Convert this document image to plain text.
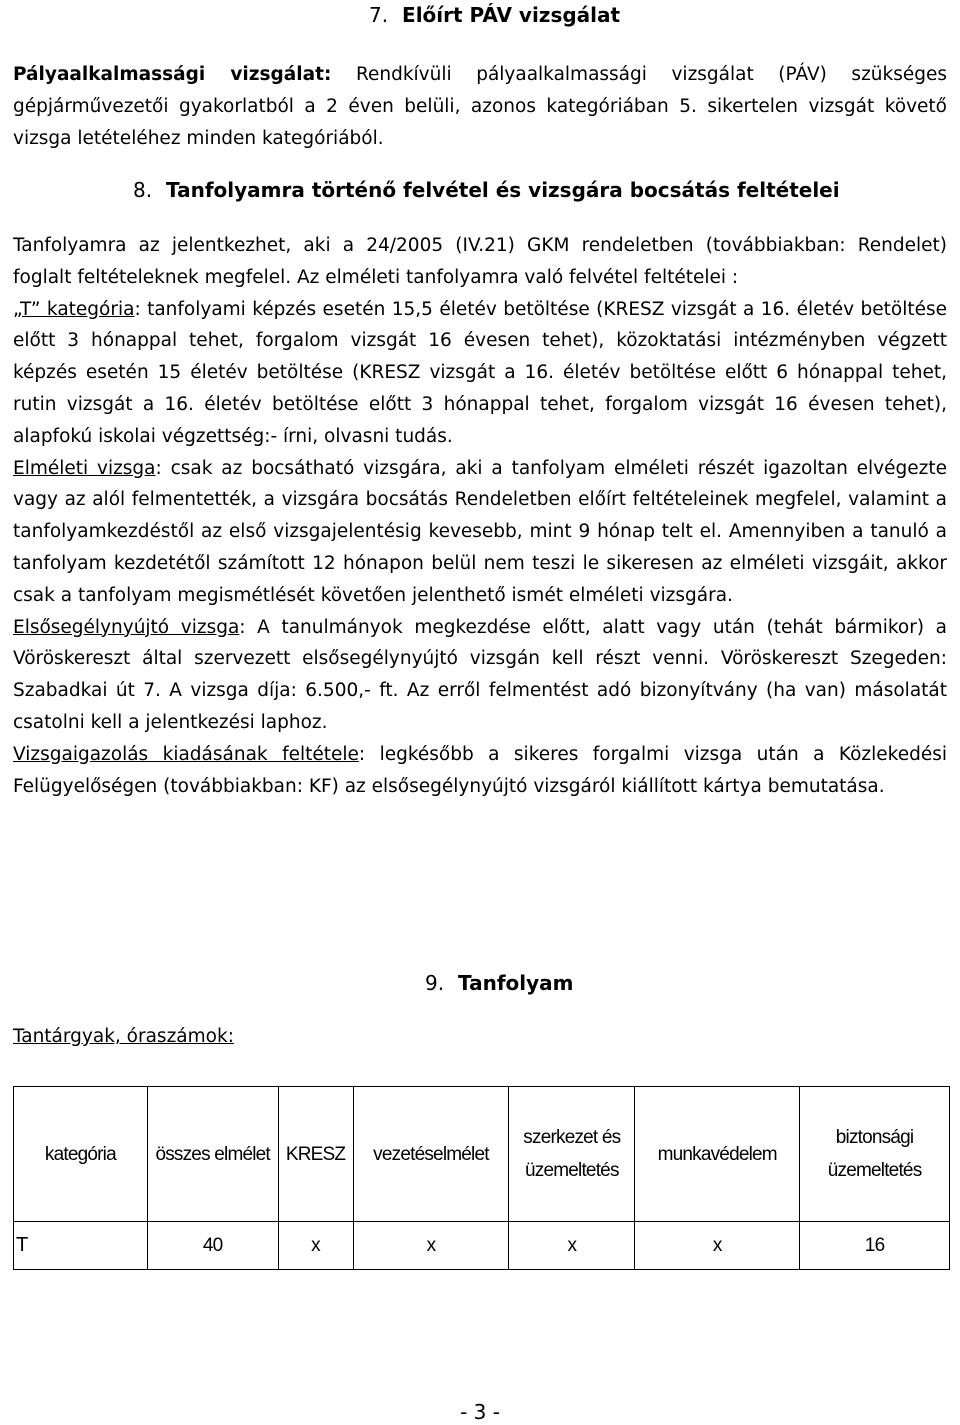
7. Előírt PÁV vizsgálat

Pályaalkalmassági vizsgálat: Rendkívüli pályaalkalmassági vizsgálat (PÁV) szükséges gépjárművezetői gyakorlatból a 2 éven belüli, azonos kategóriában 5. sikertelen vizsgát követő vizsga letételéhez minden kategóriából.

8. Tanfolyamra történő felvétel és vizsgára bocsátás feltételei

Tanfolyamra az jelentkezhet, aki a 24/2005 (IV.21) GKM rendeletben (továbbiakban: Rendelet) foglalt feltételeknek megfelel. Az elméleti tanfolyamra való felvétel feltételei :

„T” kategória: tanfolyami képzés esetén 15,5 életév betöltése (KRESZ vizsgát a 16. életév betöltése előtt 3 hónappal tehet, forgalom vizsgát 16 évesen tehet), közoktatási intézményben végzett képzés esetén 15 életév betöltése (KRESZ vizsgát a 16. életév betöltése előtt 6 hónappal tehet, rutin vizsgát a 16. életév betöltése előtt 3 hónappal tehet, forgalom vizsgát 16 évesen tehet), alapfokú iskolai végzettség:- írni, olvasni tudás.

Elméleti vizsga: csak az bocsátható vizsgára, aki a tanfolyam elméleti részét igazoltan elvégezte vagy az alól felmentették, a vizsgára bocsátás Rendeletben előírt feltételeinek megfelel, valamint a tanfolyamkezdéstől az első vizsgajelentésig kevesebb, mint 9 hónap telt el. Amennyiben a tanuló a tanfolyam kezdetétől számított 12 hónapon belül nem teszi le sikeresen az elméleti vizsgáit, akkor csak a tanfolyam megismétlését követően jelenthető ismét elméleti vizsgára.

Elsősegélynyújtó vizsga: A tanulmányok megkezdése előtt, alatt vagy után (tehát bármikor) a Vöröskereszt által szervezett elsősegélynyújtó vizsgán kell részt venni. Vöröskereszt Szegeden: Szabadkai út 7. A vizsga díja: 6.500,- ft. Az erről felmentést adó bizonyítvány (ha van) másolatát csatolni kell a jelentkezési laphoz.

Vizsgaigazolás kiadásának feltétele: legkésőbb a sikeres forgalmi vizsga után a Közlekedési Felügyelőségen (továbbiakban: KF) az elsősegélynyújtó vizsgáról kiállított kártya bemutatása.

9. Tanfolyam
Tantárgyak, óraszámok:
kategória	összes elmélet	KRESZ	vezetéselmélet	szerkezet és üzemeltetés	munkavédelem	biztonsági üzemeltetés
T	40	x	x	x	x	16
- 3 -
